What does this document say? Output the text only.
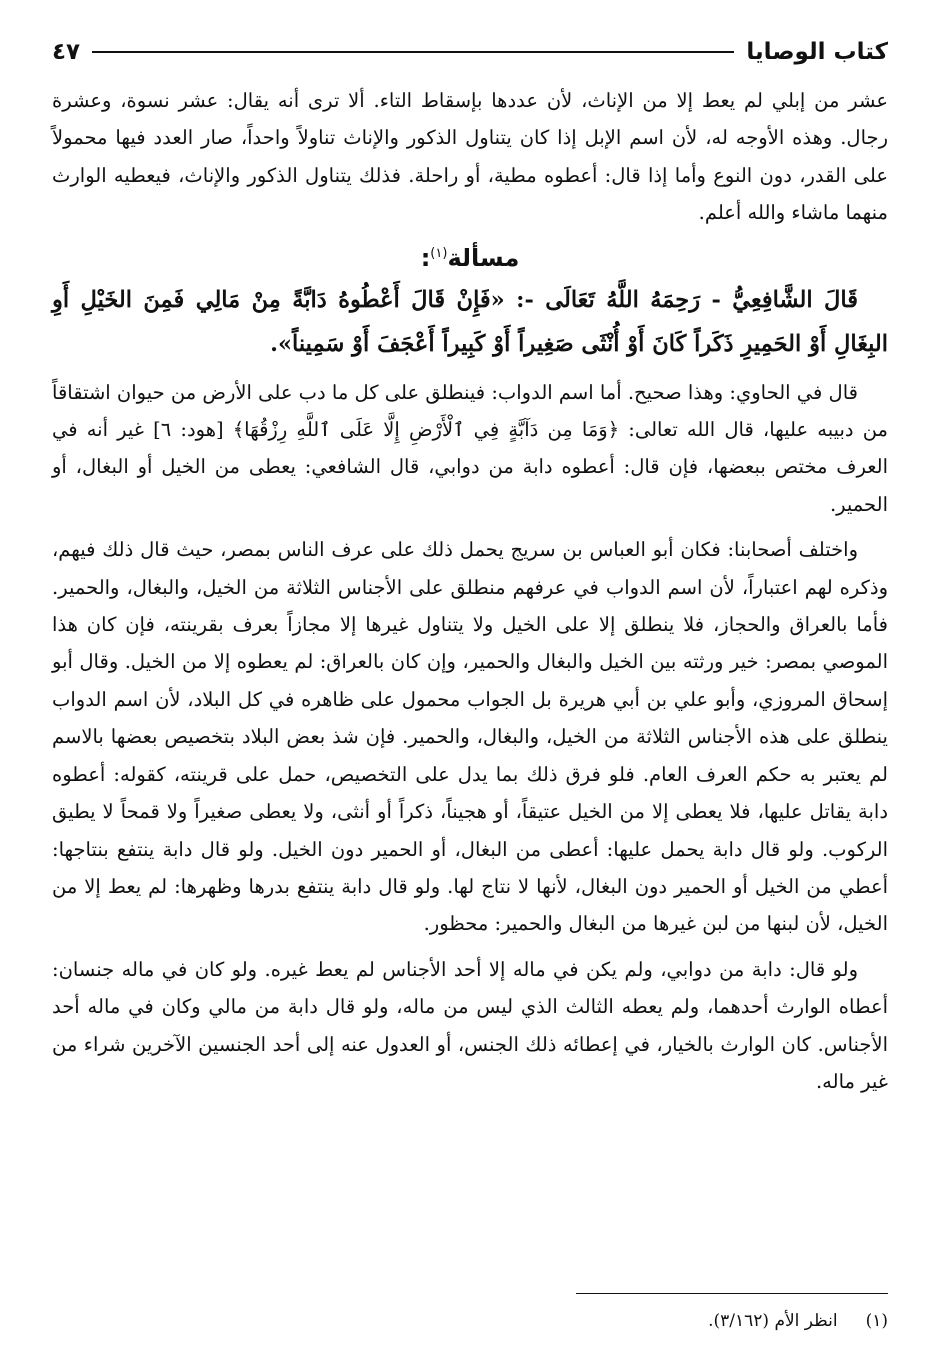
كتاب الوصايا
٤٧

عشر من إبلي لم يعط إلا من الإناث، لأن عددها بإسقاط التاء. ألا ترى أنه يقال: عشر نسوة، وعشرة رجال. وهذه الأوجه له، لأن اسم الإبل إذا كان يتناول الذكور والإناث تناولاً واحداً، صار العدد فيها محمولاً على القدر، دون النوع وأما إذا قال: أعطوه مطية، أو راحلة. فذلك يتناول الذكور والإناث، فيعطيه الوارث منهما ماشاء والله أعلم.

مسألة$^{(١)}$:

قَالَ الشَّافِعِيُّ - رَحِمَهُ اللَّهُ تَعَالَى -: «فَإِنْ قَالَ أَعْطُوهُ دَابَّةً مِنْ مَالِي فَمِنَ الخَيْلِ أَوِ البِغَالِ أَوْ الحَمِيرِ ذَكَراً كَانَ أَوْ أُنْثَى صَغِيراً أَوْ كَبِيراً أَعْجَفَ أَوْ سَمِيناً».

قال في الحاوي: وهذا صحيح. أما اسم الدواب: فينطلق على كل ما دب على الأرض من حيوان اشتقاقاً من دبيبه عليها، قال الله تعالى: ﴿وَمَا مِن دَآبَّةٍ فِي ٱلْأَرْضِ إِلَّا عَلَى ٱللَّهِ رِزْقُهَا﴾ [هود: ٦] غير أنه في العرف مختص ببعضها، فإن قال: أعطوه دابة من دوابي، قال الشافعي: يعطى من الخيل أو البغال، أو الحمير.

واختلف أصحابنا: فكان أبو العباس بن سريج يحمل ذلك على عرف الناس بمصر، حيث قال ذلك فيهم، وذكره لهم اعتباراً، لأن اسم الدواب في عرفهم منطلق على الأجناس الثلاثة من الخيل، والبغال، والحمير. فأما بالعراق والحجاز، فلا ينطلق إلا على الخيل ولا يتناول غيرها إلا مجازاً بعرف بقرينته، فإن كان هذا الموصي بمصر: خير ورثته بين الخيل والبغال والحمير، وإن كان بالعراق: لم يعطوه إلا من الخيل. وقال أبو إسحاق المروزي، وأبو علي بن أبي هريرة بل الجواب محمول على ظاهره في كل البلاد، لأن اسم الدواب ينطلق على هذه الأجناس الثلاثة من الخيل، والبغال، والحمير. فإن شذ بعض البلاد بتخصيص بعضها بالاسم لم يعتبر به حكم العرف العام. فلو فرق ذلك بما يدل على التخصيص، حمل على قرينته، كقوله: أعطوه دابة يقاتل عليها، فلا يعطى إلا من الخيل عتيقاً، أو هجيناً، ذكراً أو أنثى، ولا يعطى صغيراً ولا قمحاً لا يطيق الركوب. ولو قال دابة يحمل عليها: أعطى من البغال، أو الحمير دون الخيل. ولو قال دابة ينتفع بنتاجها: أعطي من الخيل أو الحمير دون البغال، لأنها لا نتاج لها. ولو قال دابة ينتفع بدرها وظهرها: لم يعط إلا من الخيل، لأن لبنها من لبن غيرها من البغال والحمير: محظور.

ولو قال: دابة من دوابي، ولم يكن في ماله إلا أحد الأجناس لم يعط غيره. ولو كان في ماله جنسان: أعطاه الوارث أحدهما، ولم يعطه الثالث الذي ليس من ماله، ولو قال دابة من مالي وكان في ماله أحد الأجناس. كان الوارث بالخيار، في إعطائه ذلك الجنس، أو العدول عنه إلى أحد الجنسين الآخرين شراء من غير ماله.

(١)انظر الأم (٣/١٦٢).
